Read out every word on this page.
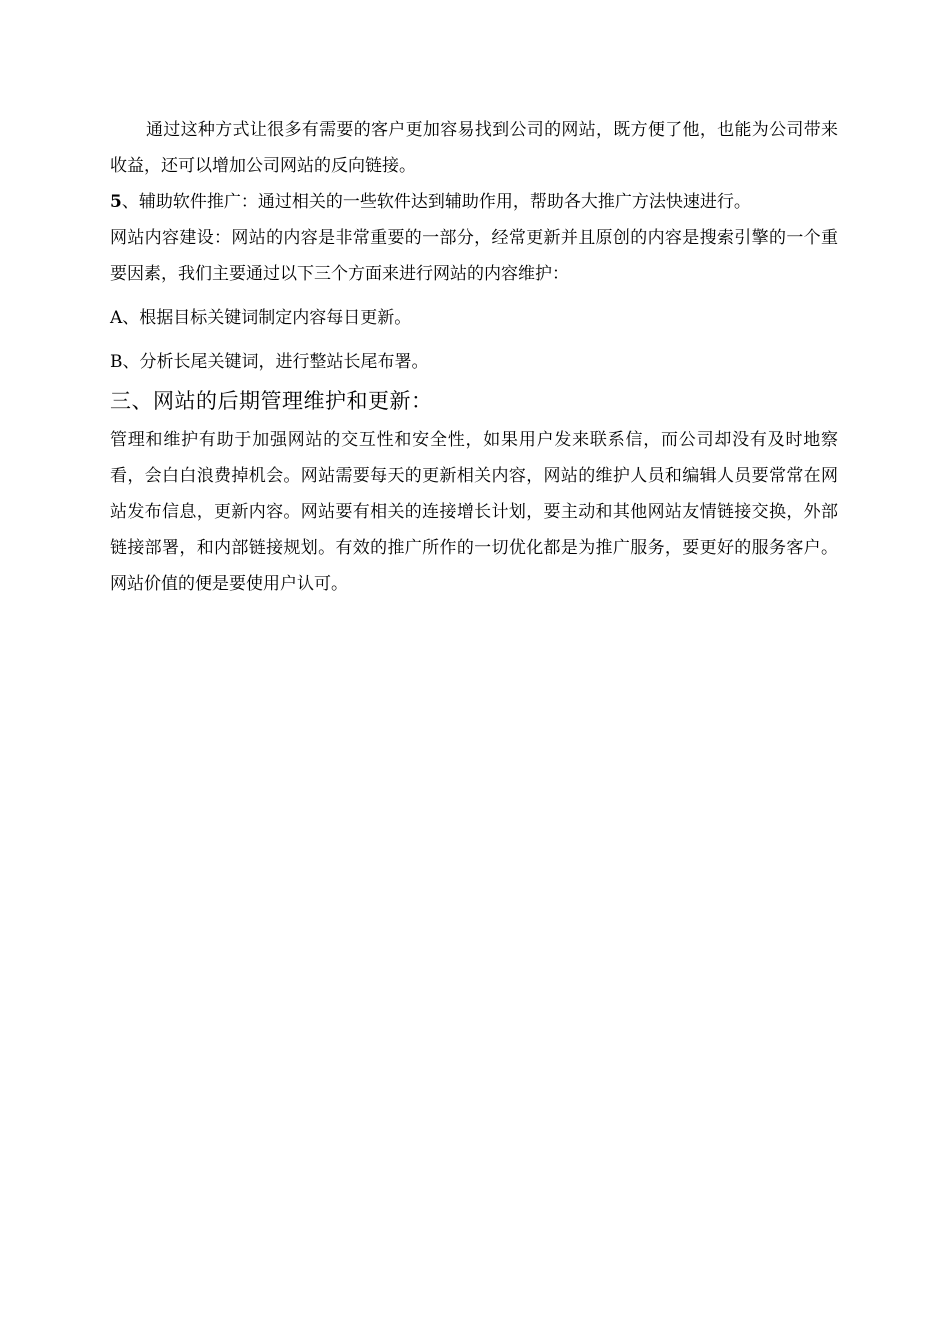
通过这种方式让很多有需要的客户更加容易找到公司的网站，既方便了他，也能为公司带来收益，还可以增加公司网站的反向链接。

5、辅助软件推广：通过相关的一些软件达到辅助作用，帮助各大推广方法快速进行。

网站内容建设：网站的内容是非常重要的一部分，经常更新并且原创的内容是搜索引擎的一个重要因素，我们主要通过以下三个方面来进行网站的内容维护：

A、根据目标关键词制定内容每日更新。

B、分析长尾关键词，进行整站长尾布署。

三、网站的后期管理维护和更新：

管理和维护有助于加强网站的交互性和安全性，如果用户发来联系信，而公司却没有及时地察看，会白白浪费掉机会。网站需要每天的更新相关内容，网站的维护人员和编辑人员要常常在网站发布信息，更新内容。网站要有相关的连接增长计划，要主动和其他网站友情链接交换，外部链接部署，和内部链接规划。有效的推广所作的一切优化都是为推广服务，要更好的服务客户。网站价值的便是要使用户认可。
